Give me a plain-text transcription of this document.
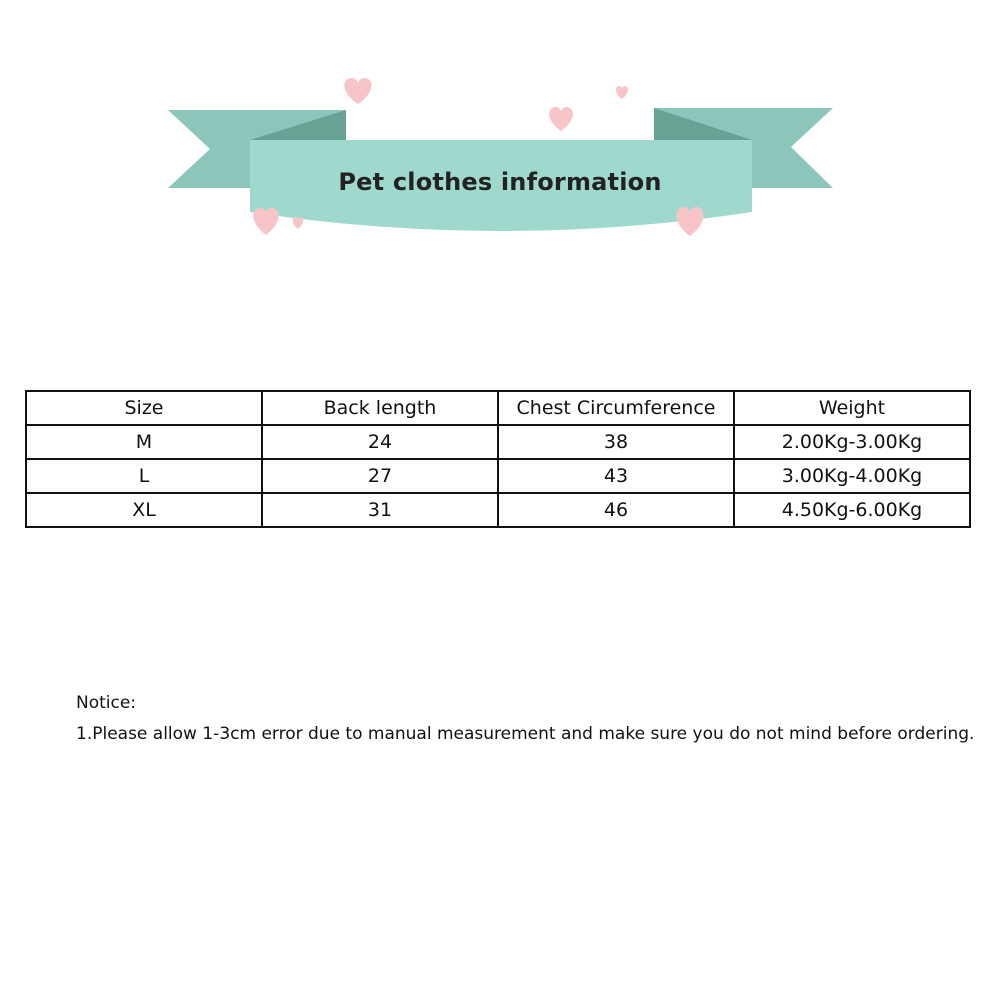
Pet clothes information
Size	Back length	Chest Circumference	Weight
M	24	38	2.00Kg-3.00Kg
L	27	43	3.00Kg-4.00Kg
XL	31	46	4.50Kg-6.00Kg
Notice:
1.Please allow 1-3cm error due to manual measurement and make sure you do not mind before ordering.
